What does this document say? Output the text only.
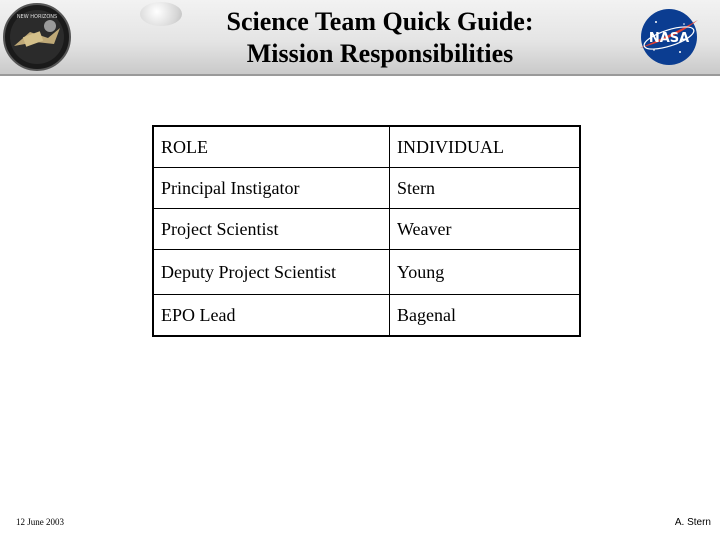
NEW HORIZONS
NASA
Science Team Quick Guide:
Mission Responsibilities
ROLE	INDIVIDUAL
Principal Instigator	Stern
Project Scientist	Weaver
Deputy Project Scientist	Young
EPO Lead	Bagenal
12 June 2003	A. Stern
